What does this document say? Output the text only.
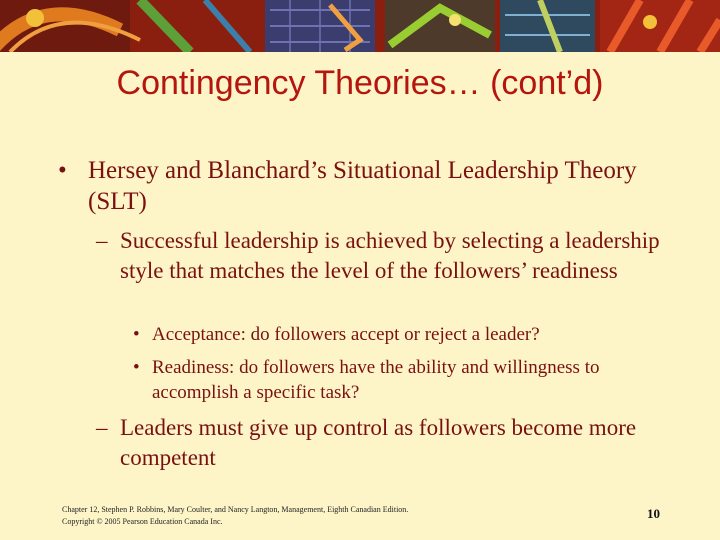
Contingency Theories… (cont’d)
• Hersey and Blanchard’s Situational Leadership Theory (SLT)
– Successful leadership is achieved by selecting a leadership style that matches the level of the followers’ readiness
• Acceptance: do followers accept or reject a leader?
• Readiness: do followers have the ability and willingness to accomplish a specific task?
– Leaders must give up control as followers become more competent
Chapter 12, Stephen P. Robbins, Mary Coulter, and Nancy Langton, Management, Eighth Canadian Edition.
Copyright © 2005 Pearson Education Canada Inc.
10
